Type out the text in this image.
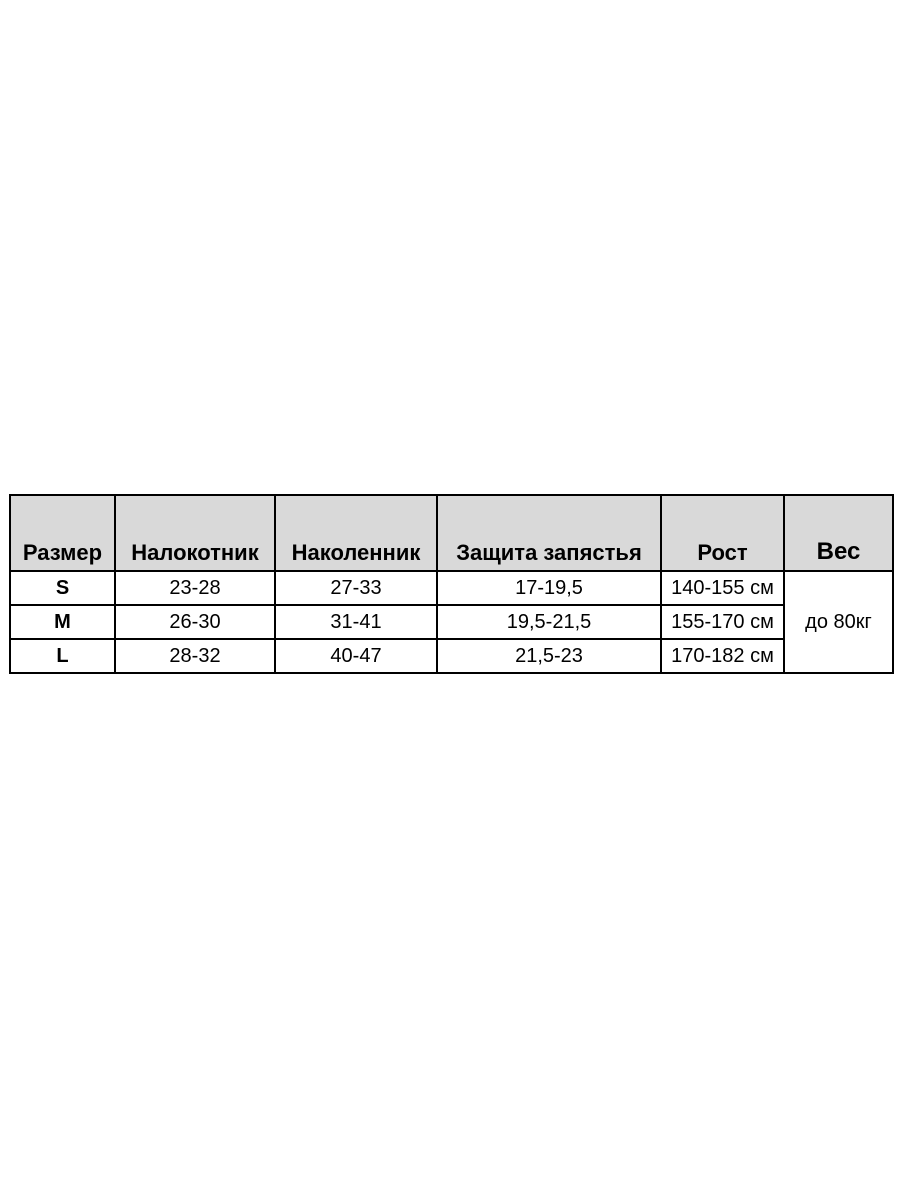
Размер	Налокотник	Наколенник	Защита запястья	Рост	Вес
S	23-28	27-33	17-19,5	140-155 см	до 80кг
M	26-30	31-41	19,5-21,5	155-170 см	
L	28-32	40-47	21,5-23	170-182 см	
